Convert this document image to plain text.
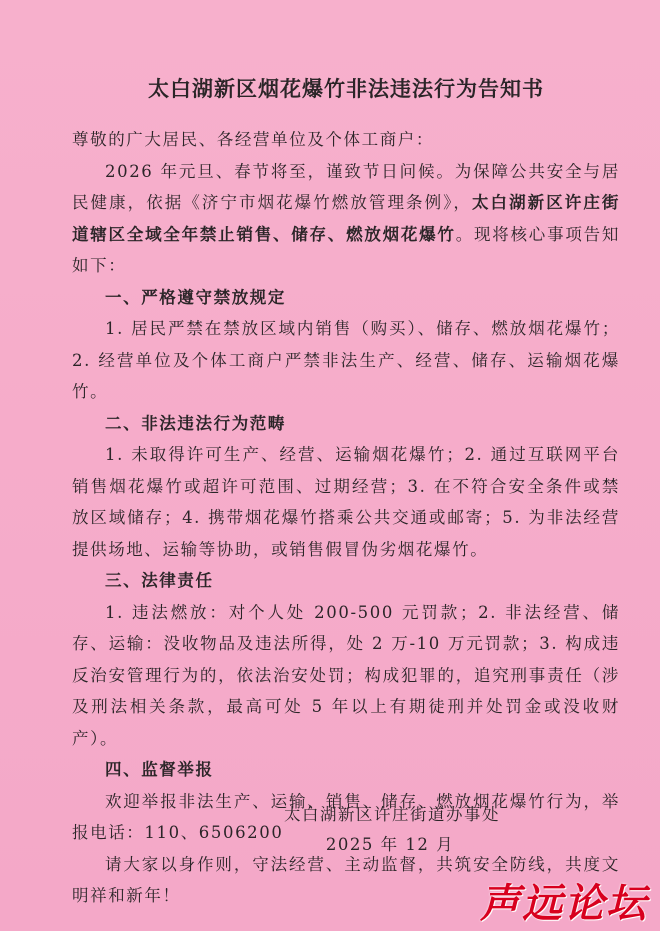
太白湖新区烟花爆竹非法违法行为告知书
尊敬的广大居民、各经营单位及个体工商户：

2026 年元旦、春节将至，谨致节日问候。为保障公共安全与居民健康，依据《济宁市烟花爆竹燃放管理条例》，太白湖新区许庄街道辖区全域全年禁止销售、储存、燃放烟花爆竹。现将核心事项告知如下：

一、严格遵守禁放规定

1. 居民严禁在禁放区域内销售（购买）、储存、燃放烟花爆竹；2. 经营单位及个体工商户严禁非法生产、经营、储存、运输烟花爆竹。

二、非法违法行为范畴

1. 未取得许可生产、经营、运输烟花爆竹；2. 通过互联网平台销售烟花爆竹或超许可范围、过期经营；3. 在不符合安全条件或禁放区域储存；4. 携带烟花爆竹搭乘公共交通或邮寄；5. 为非法经营提供场地、运输等协助，或销售假冒伪劣烟花爆竹。

三、法律责任

1. 违法燃放：对个人处 200-500 元罚款；2. 非法经营、储存、运输：没收物品及违法所得，处 2 万-10 万元罚款；3. 构成违反治安管理行为的，依法治安处罚；构成犯罪的，追究刑事责任（涉及刑法相关条款，最高可处 5 年以上有期徒刑并处罚金或没收财产）。

四、监督举报

欢迎举报非法生产、运输、销售、储存、燃放烟花爆竹行为，举报电话：110、6506200

请大家以身作则，守法经营、主动监督，共筑安全防线，共度文明祥和新年！

太白湖新区许庄街道办事处
2025 年 12 月
声远论坛
